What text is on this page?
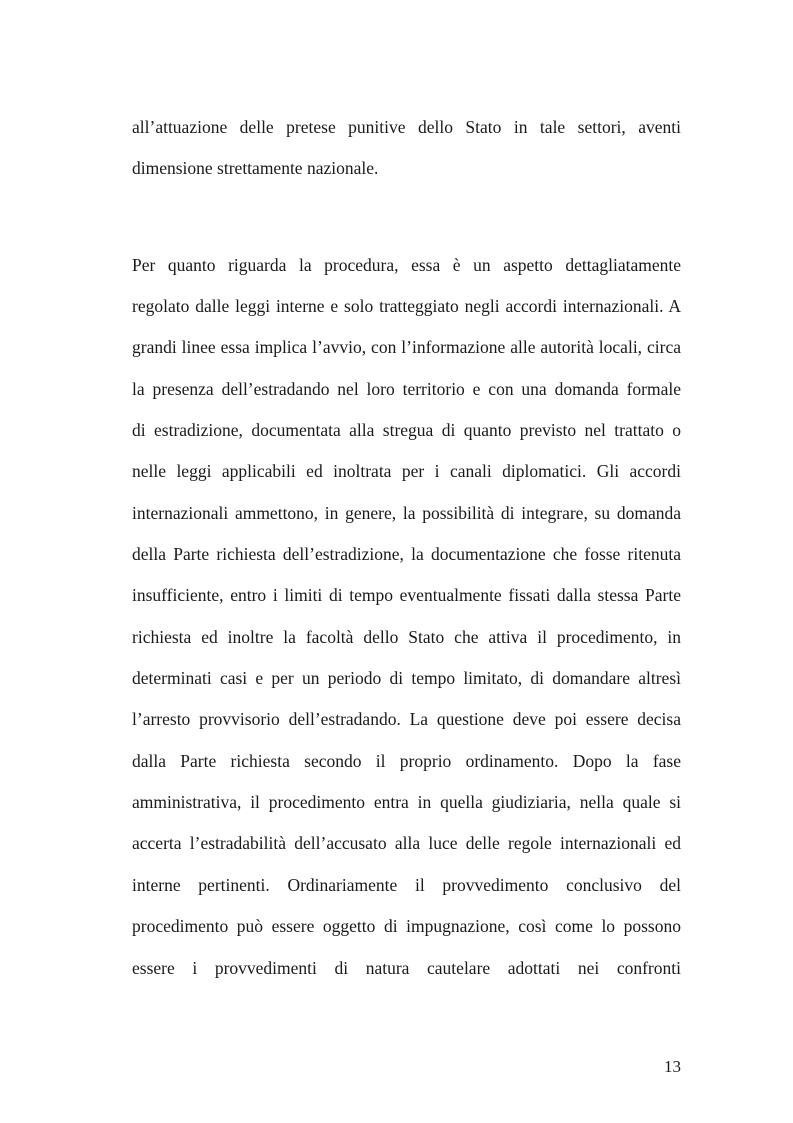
all’attuazione delle pretese punitive dello Stato in tale settori, aventi
dimensione strettamente nazionale.
Per quanto riguarda la procedura, essa è un aspetto dettagliatamente
regolato dalle leggi interne e solo tratteggiato negli accordi internazionali. A
grandi linee essa implica l’avvio, con l’informazione alle autorità locali, circa
la presenza dell’estradando nel loro territorio e con una domanda formale
di estradizione, documentata alla stregua di quanto previsto nel trattato o
nelle leggi applicabili ed inoltrata per i canali diplomatici. Gli accordi
internazionali ammettono, in genere, la possibilità di integrare, su domanda
della Parte richiesta dell’estradizione, la documentazione che fosse ritenuta
insufficiente, entro i limiti di tempo eventualmente fissati dalla stessa Parte
richiesta ed inoltre la facoltà dello Stato che attiva il procedimento, in
determinati casi e per un periodo di tempo limitato, di domandare altresì
l’arresto provvisorio dell’estradando. La questione deve poi essere decisa
dalla Parte richiesta secondo il proprio ordinamento. Dopo la fase
amministrativa, il procedimento entra in quella giudiziaria, nella quale si
accerta l’estradabilità dell’accusato alla luce delle regole internazionali ed
interne pertinenti. Ordinariamente il provvedimento conclusivo del
procedimento può essere oggetto di impugnazione, così come lo possono
essere i provvedimenti di natura cautelare adottati nei confronti
13
